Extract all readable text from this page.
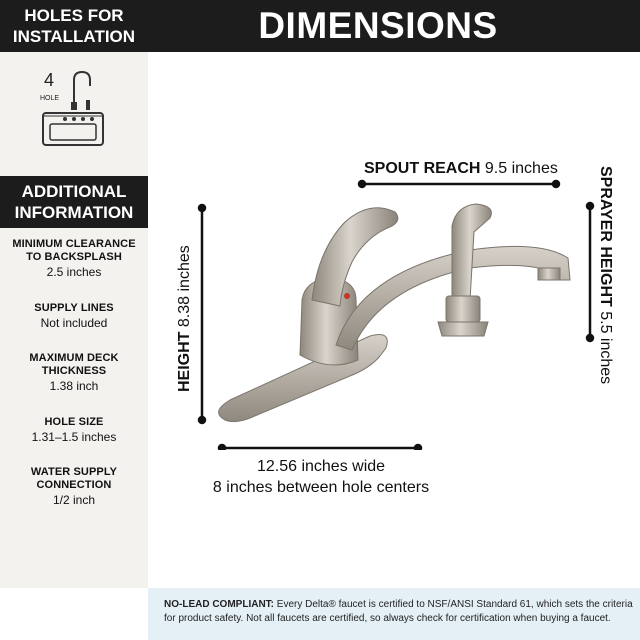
HOLES FOR
INSTALLATION
4
HOLE
ADDITIONAL
INFORMATION
MINIMUM CLEARANCE
TO BACKSPLASH
2.5 inches
SUPPLY LINES
Not included
MAXIMUM DECK
THICKNESS
1.38 inch
HOLE SIZE
1.31–1.5 inches
WATER SUPPLY
CONNECTION
1/2 inch
DIMENSIONS
SPOUT REACH 9.5 inches SPRAYER HEIGHT 5.5 inches
HEIGHT 8.38 inches
12.56 inches wide
8 inches between hole centers
NO-LEAD COMPLIANT: Every Delta® faucet is certified to NSF/ANSI Standard 61, which sets the criteria for product safety. Not all faucets are certified, so always check for certification when buying a faucet.
